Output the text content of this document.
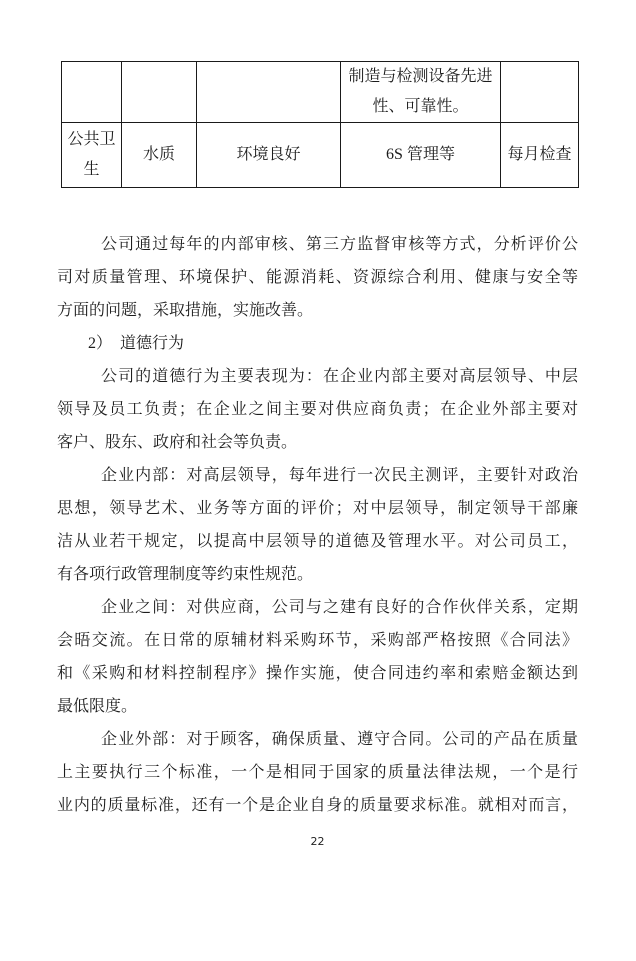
			制造与检测设备先进性、可靠性。	
公共卫生	水质	环境良好	6S 管理等	每月检查
公司通过每年的内部审核、第三方监督审核等方式，分析评价公
司对质量管理、环境保护、能源消耗、资源综合利用、健康与安全等
方面的问题，采取措施，实施改善。
2）　道德行为
公司的道德行为主要表现为：在企业内部主要对高层领导、中层
领导及员工负责；在企业之间主要对供应商负责；在企业外部主要对
客户、股东、政府和社会等负责。
企业内部：对高层领导，每年进行一次民主测评，主要针对政治
思想，领导艺术、业务等方面的评价；对中层领导，制定领导干部廉
洁从业若干规定，以提高中层领导的道德及管理水平。对公司员工，
有各项行政管理制度等约束性规范。
企业之间：对供应商，公司与之建有良好的合作伙伴关系，定期
会晤交流。在日常的原辅材料采购环节，采购部严格按照《合同法》
和《采购和材料控制程序》操作实施，使合同违约率和索赔金额达到
最低限度。
企业外部：对于顾客，确保质量、遵守合同。公司的产品在质量
上主要执行三个标准，一个是相同于国家的质量法律法规，一个是行
业内的质量标准，还有一个是企业自身的质量要求标准。就相对而言，
22
